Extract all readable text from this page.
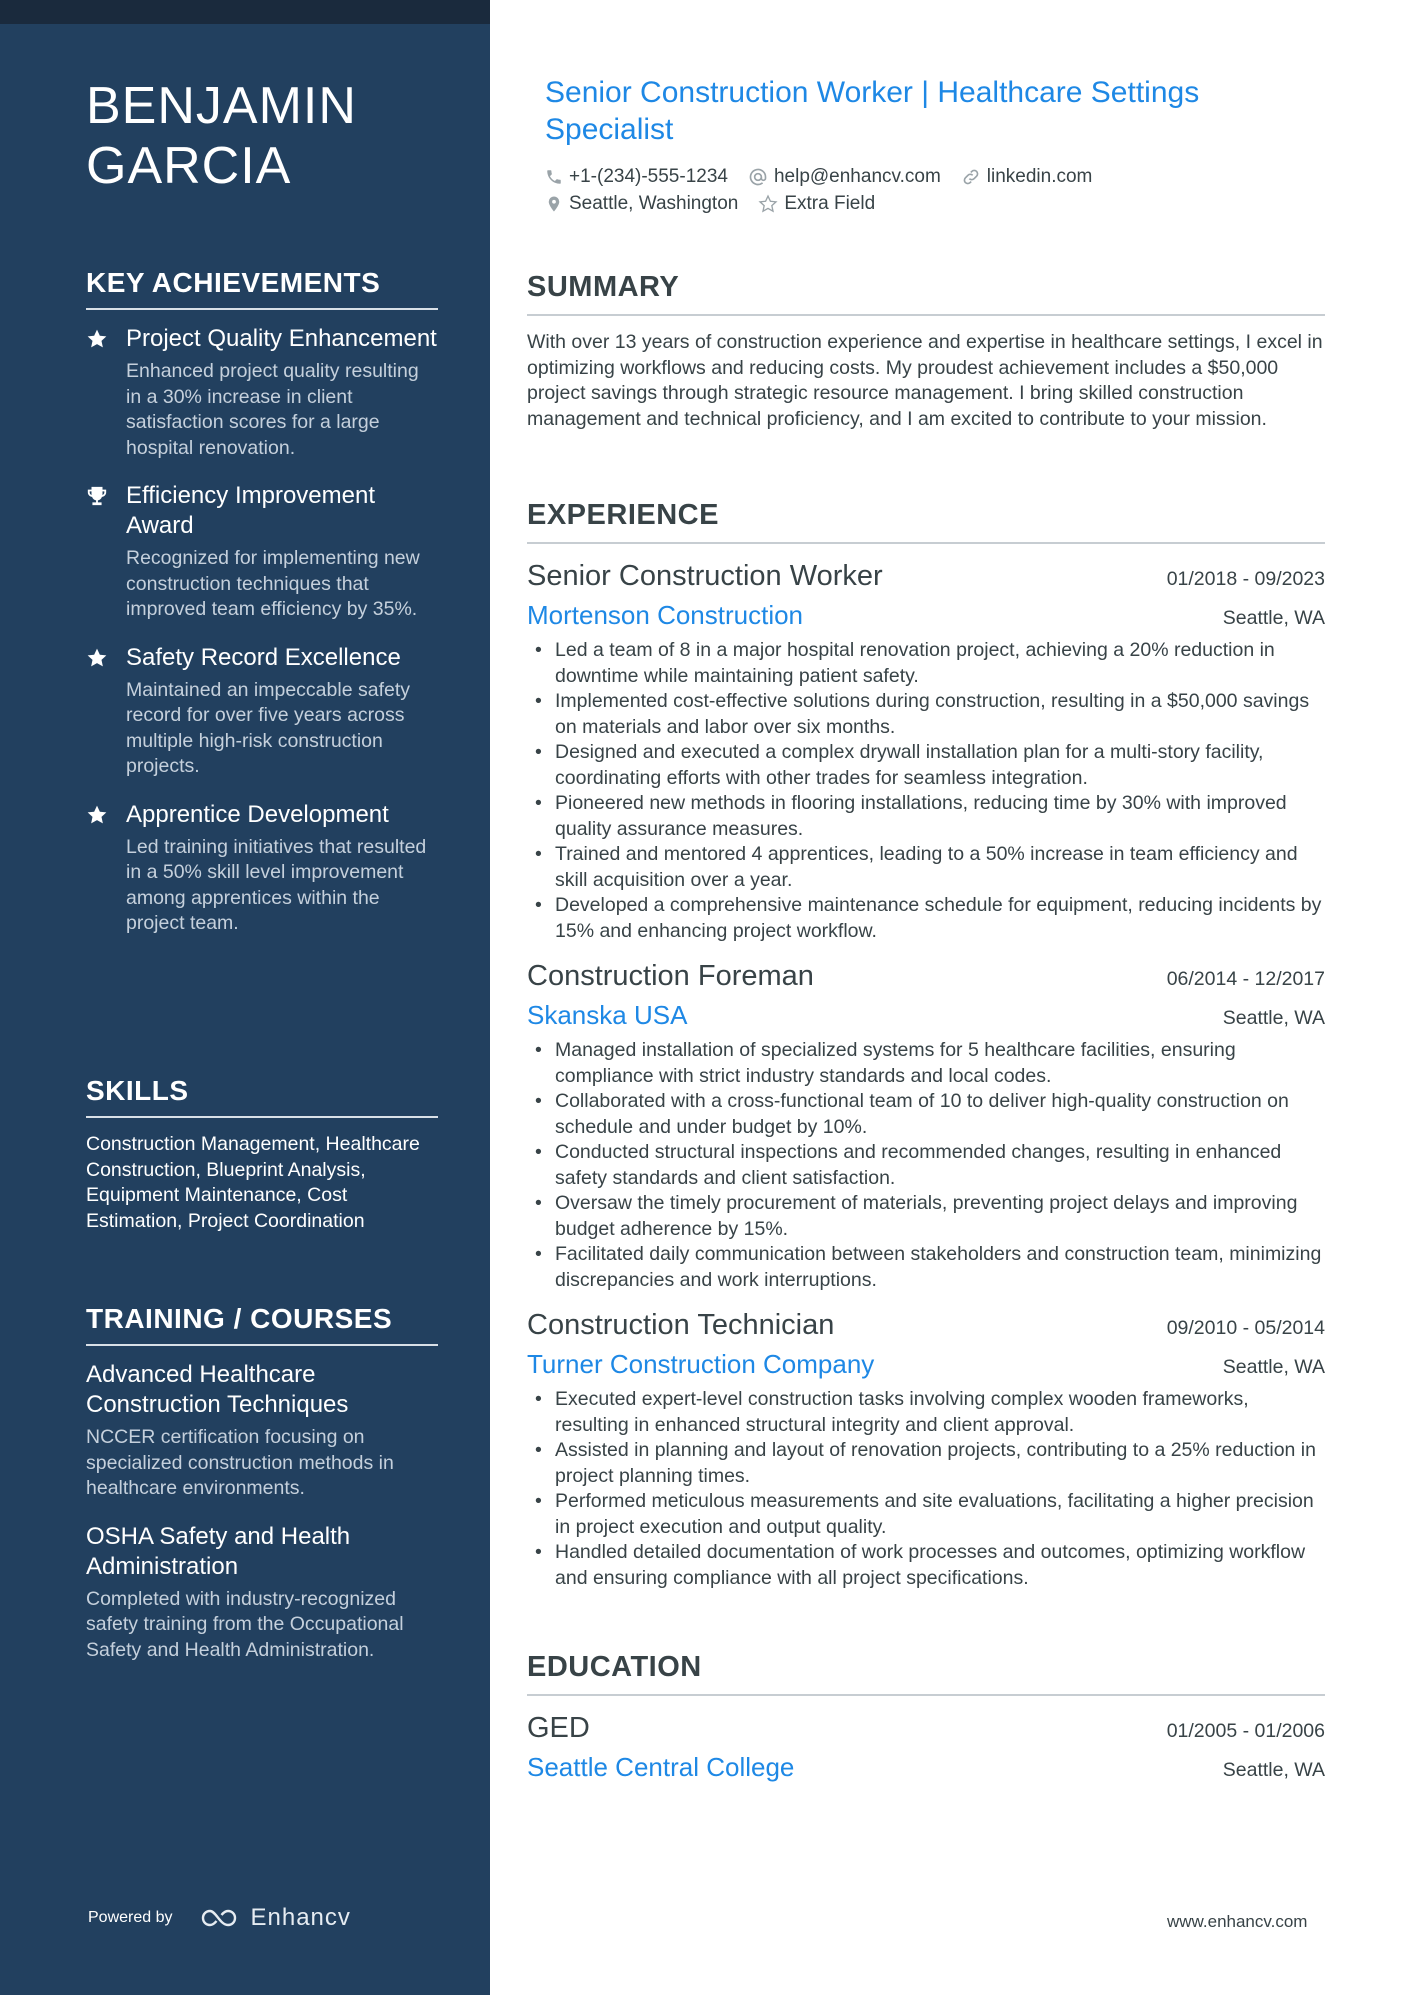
BENJAMIN GARCIA
KEY ACHIEVEMENTS
Project Quality Enhancement
Enhanced project quality resulting in a 30% increase in client satisfaction scores for a large hospital renovation.
Efficiency Improvement Award
Recognized for implementing new construction techniques that improved team efficiency by 35%.
Safety Record Excellence
Maintained an impeccable safety record for over five years across multiple high-risk construction projects.
Apprentice Development
Led training initiatives that resulted in a 50% skill level improvement among apprentices within the project team.
SKILLS
Construction Management, Healthcare Construction, Blueprint Analysis, Equipment Maintenance, Cost Estimation, Project Coordination
TRAINING / COURSES
Advanced Healthcare Construction Techniques
NCCER certification focusing on specialized construction methods in healthcare environments.
OSHA Safety and Health Administration
Completed with industry-recognized safety training from the Occupational Safety and Health Administration.
Powered by	Enhancv
Senior Construction Worker | Healthcare Settings Specialist
+1-(234)-555-1234 help@enhancv.com linkedin.com
Seattle, Washington Extra Field
SUMMARY

With over 13 years of construction experience and expertise in healthcare settings, I excel in optimizing workflows and reducing costs. My proudest achievement includes a $50,000 project savings through strategic resource management. I bring skilled construction management and technical proficiency, and I am excited to contribute to your mission.

EXPERIENCE
Senior Construction Worker	01/2018 - 09/2023
Mortenson Construction	Seattle, WA
• Led a team of 8 in a major hospital renovation project, achieving a 20% reduction in downtime while maintaining patient safety.
• Implemented cost-effective solutions during construction, resulting in a $50,000 savings on materials and labor over six months.
• Designed and executed a complex drywall installation plan for a multi-story facility, coordinating efforts with other trades for seamless integration.
• Pioneered new methods in flooring installations, reducing time by 30% with improved quality assurance measures.
• Trained and mentored 4 apprentices, leading to a 50% increase in team efficiency and skill acquisition over a year.
• Developed a comprehensive maintenance schedule for equipment, reducing incidents by 15% and enhancing project workflow.
Construction Foreman	06/2014 - 12/2017
Skanska USA	Seattle, WA
• Managed installation of specialized systems for 5 healthcare facilities, ensuring compliance with strict industry standards and local codes.
• Collaborated with a cross-functional team of 10 to deliver high-quality construction on schedule and under budget by 10%.
• Conducted structural inspections and recommended changes, resulting in enhanced safety standards and client satisfaction.
• Oversaw the timely procurement of materials, preventing project delays and improving budget adherence by 15%.
• Facilitated daily communication between stakeholders and construction team, minimizing discrepancies and work interruptions.
Construction Technician	09/2010 - 05/2014
Turner Construction Company	Seattle, WA
• Executed expert-level construction tasks involving complex wooden frameworks, resulting in enhanced structural integrity and client approval.
• Assisted in planning and layout of renovation projects, contributing to a 25% reduction in project planning times.
• Performed meticulous measurements and site evaluations, facilitating a higher precision in project execution and output quality.
• Handled detailed documentation of work processes and outcomes, optimizing workflow and ensuring compliance with all project specifications.
EDUCATION
GED	01/2005 - 01/2006
Seattle Central College	Seattle, WA
www.enhancv.com
